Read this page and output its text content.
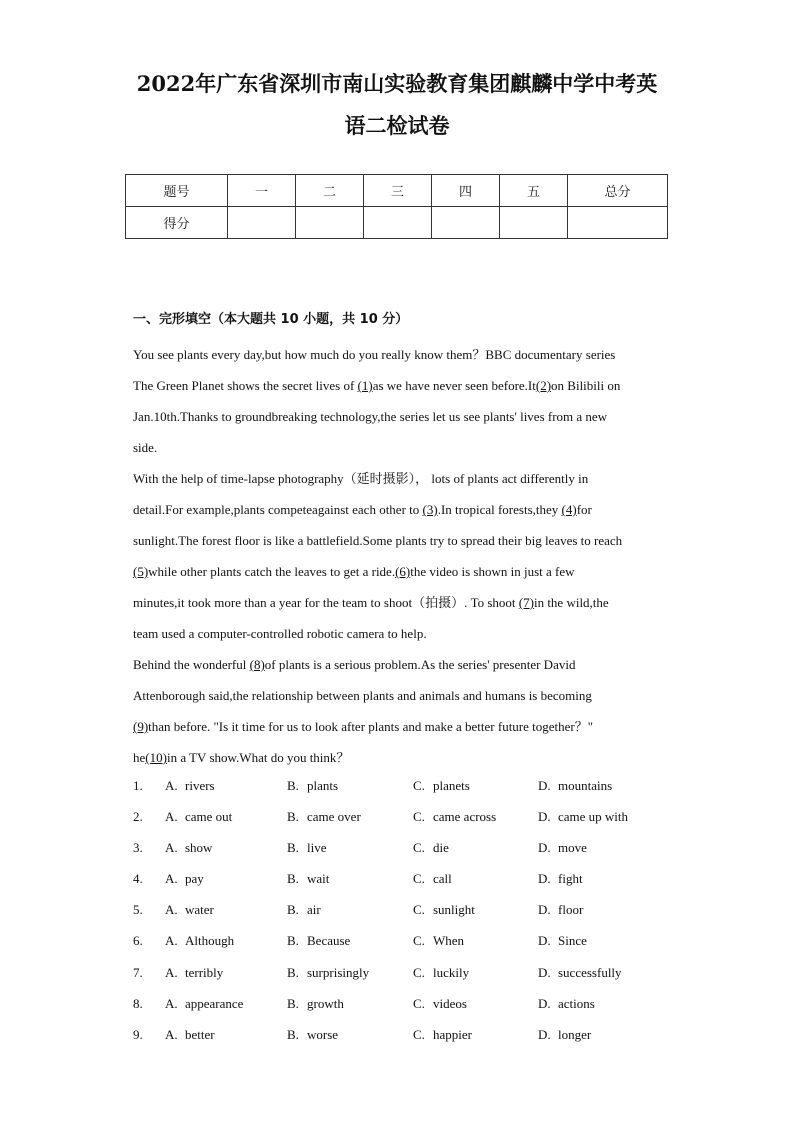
2022年广东省深圳市南山实验教育集团麒麟中学中考英
语二检试卷
题号	一	二	三	四	五	总分
得分						
一、完形填空（本大题共 10 小题，共 10 分）
You see plants every day,but how much do you really know them？BBC documentary series
The Green Planet shows the secret lives of (1)as we have never seen before.It(2)on Bilibili on
Jan.10th.Thanks to groundbreaking technology,the series let us see plants' lives from a new
side.
With the help of time-lapse photography（延时摄影）， lots of plants act differently in
detail.For example,plants competeagainst each other to (3).In tropical forests,they (4)for
sunlight.The forest floor is like a battlefield.Some plants try to spread their big leaves to reach
(5)while other plants catch the leaves to get a ride.(6)the video is shown in just a few
minutes,it took more than a year for the team to shoot（拍摄）. To shoot (7)in the wild,the
team used a computer-controlled robotic camera to help.
Behind the wonderful (8)of plants is a serious problem.As the series' presenter David
Attenborough said,the relationship between plants and animals and humans is becoming
(9)than before. "Is it time for us to look after plants and make a better future together？"
he(10)in a TV show.What do you think？
1. A. rivers	B. plants	C. planets	D. mountains
2. A. came out	B. came over	C. came across	D. came up with
3. A. show	B. live	C. die	D. move
4. A. pay	B. wait	C. call	D. fight
5. A. water	B. air	C. sunlight	D. floor
6. A. Although	B. Because	C. When	D. Since
7. A. terribly	B. surprisingly	C. luckily	D. successfully
8. A. appearance	B. growth	C. videos	D. actions
9. A. better	B. worse	C. happier	D. longer
